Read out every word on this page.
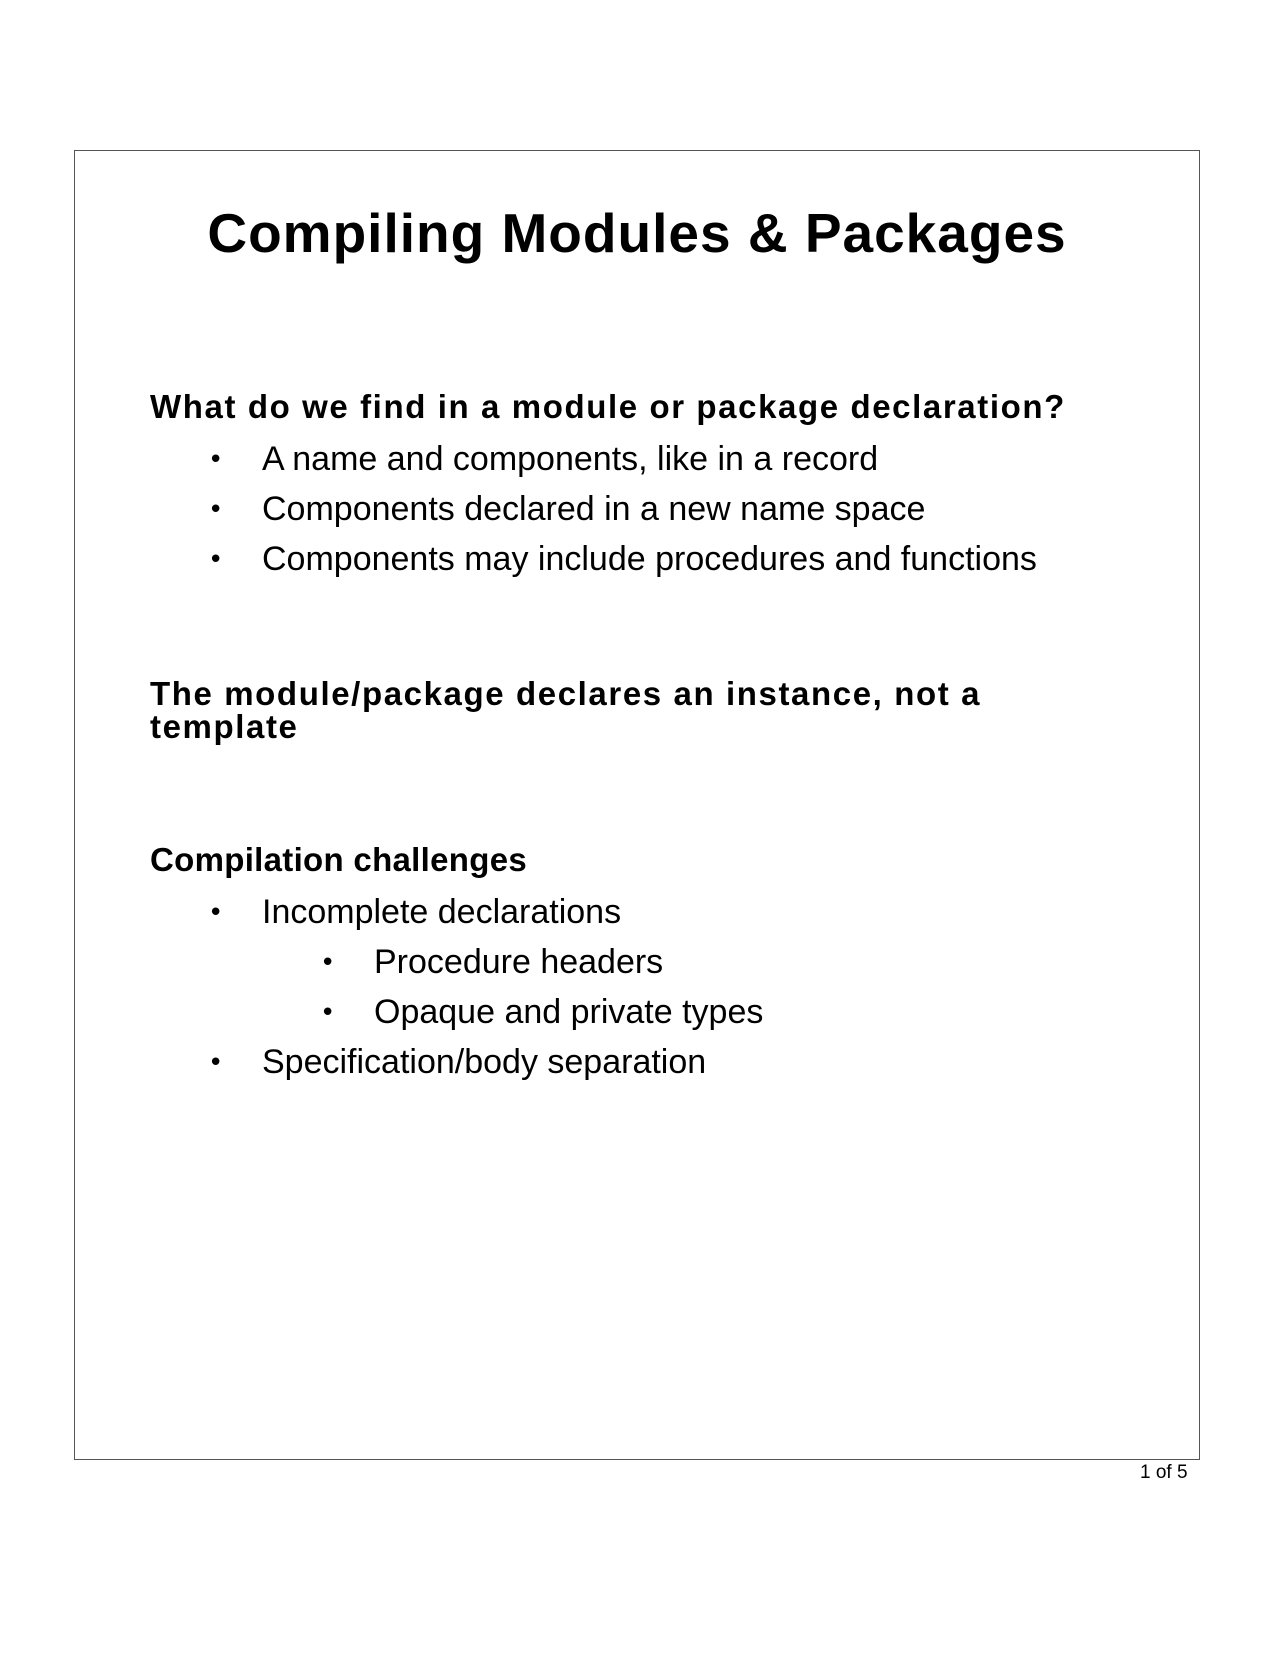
Compiling Modules & Packages
What do we find in a module or package declaration?
• A name and components, like in a record

• Components declared in a new name space

• Components may include procedures and functions

The module/package declares an instance, not a
template
Compilation challenges
• Incomplete declarations

• Procedure headers

• Opaque and private types

• Specification/body separation

1 of 5
